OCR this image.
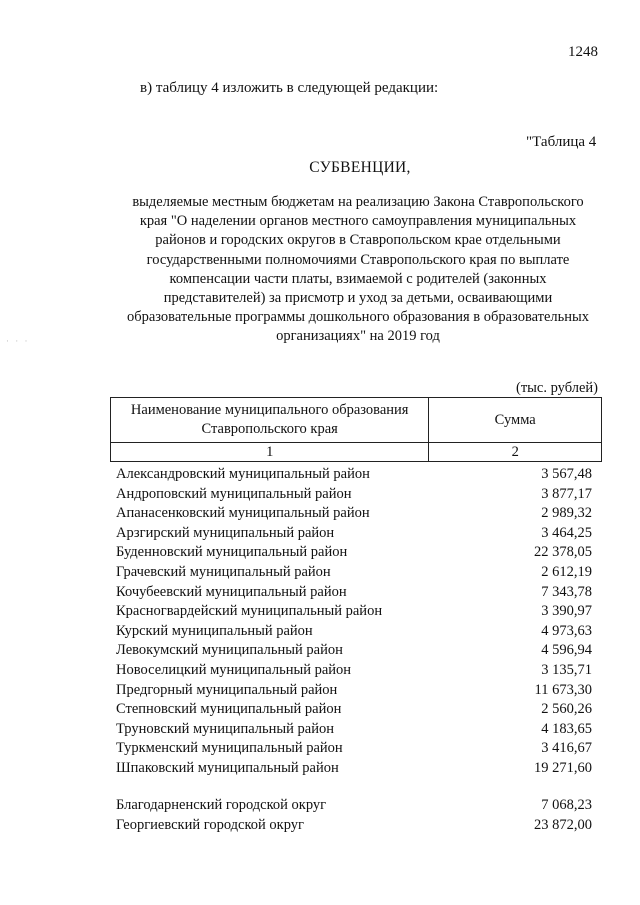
1248
в) таблицу 4 изложить в следующей редакции:
"Таблица 4
СУБВЕНЦИИ,
выделяемые местным бюджетам на реализацию Закона Ставропольского
края "О наделении органов местного самоуправления муниципальных
районов и городских округов в Ставропольском крае отдельными
государственными полномочиями Ставропольского края по выплате
компенсации части платы, взимаемой с родителей (законных
представителей) за присмотр и уход за детьми, осваивающими
образовательные программы дошкольного образования в образовательных
организациях" на 2019 год
(тыс. рублей)
Наименование муниципального образования Ставропольского края	Сумма
1	2
Александровский муниципальный район	3 567,48
Андроповский муниципальный район	3 877,17
Апанасенковский муниципальный район	2 989,32
Арзгирский муниципальный район	3 464,25
Буденновский муниципальный район	22 378,05
Грачевский муниципальный район	2 612,19
Кочубеевский муниципальный район	7 343,78
Красногвардейский муниципальный район	3 390,97
Курский муниципальный район	4 973,63
Левокумский муниципальный район	4 596,94
Новоселицкий муниципальный район	3 135,71
Предгорный муниципальный район	11 673,30
Степновский муниципальный район	2 560,26
Труновский муниципальный район	4 183,65
Туркменский муниципальный район	3 416,67
Шпаковский муниципальный район	19 271,60
Благодарненский городской округ	7 068,23
Георгиевский городской округ	23 872,00
· · ·
